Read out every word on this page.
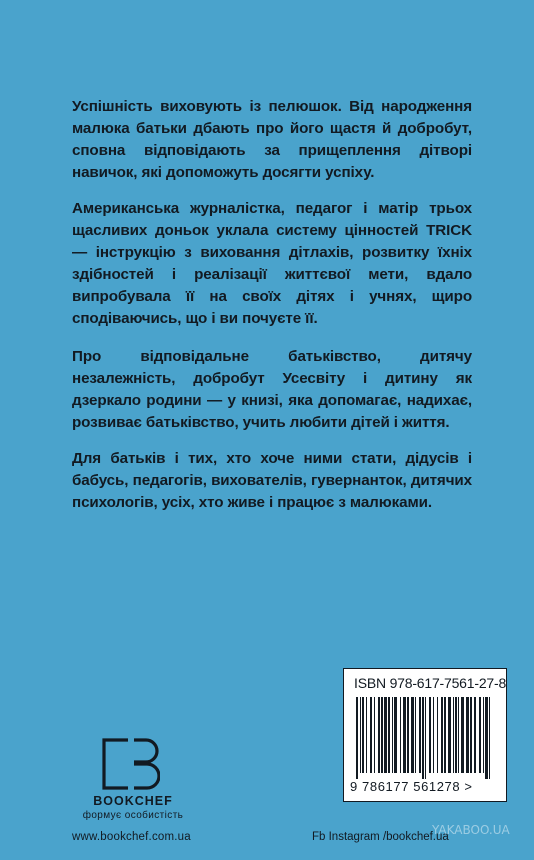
Успішність виховують із пелюшок. Від народження малюка батьки дбають про його щастя й добробут, сповна відповідають за прищеплення дітворі навичок, які допоможуть досягти успіху.
Американська журналістка, педагог і матір трьох щасливих доньок уклала систему цінностей TRICK — інструкцію з виховання дітлахів, розвитку їхніх здібностей і реалізації життєвої мети, вдало випробувала її на своїх дітях і учнях, щиро сподіваючись, що і ви почуєте її.
Про відповідальне батьківство, дитячу незалежність, добробут Усесвіту і дитину як дзеркало родини — у книзі, яка допомагає, надихає, розвиває батьківство, учить любити дітей і життя.
Для батьків і тих, хто хоче ними стати, дідусів і бабусь, педагогів, вихователів, гувернанток, дитячих психологів, усіх, хто живе і працює з малюками.
ISBN 978-617-7561-27-8
9 786177 561278 >
BOOKCHEF
формує особистість
www.bookchef.com.ua	Fb Instagram /bookchef.ua
YAKABOO.UA
